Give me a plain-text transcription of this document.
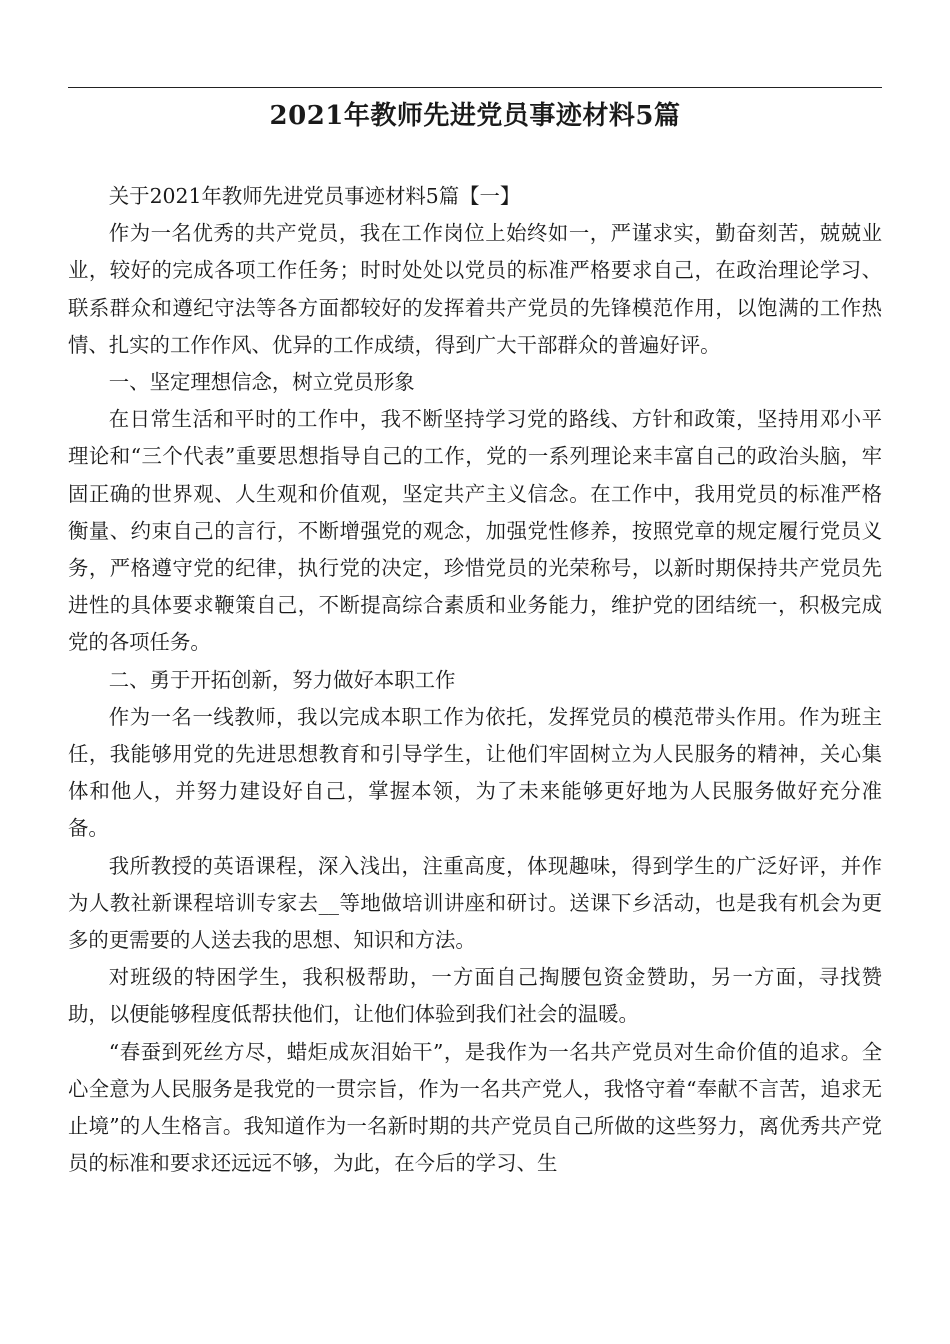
2021年教师先进党员事迹材料5篇

关于2021年教师先进党员事迹材料5篇【一】

作为一名优秀的共产党员，我在工作岗位上始终如一，严谨求实，勤奋刻苦，兢兢业业，较好的完成各项工作任务；时时处处以党员的标准严格要求自己，在政治理论学习、联系群众和遵纪守法等各方面都较好的发挥着共产党员的先锋模范作用，以饱满的工作热情、扎实的工作作风、优异的工作成绩，得到广大干部群众的普遍好评。

一、坚定理想信念，树立党员形象

在日常生活和平时的工作中，我不断坚持学习党的路线、方针和政策，坚持用邓小平理论和“三个代表”重要思想指导自己的工作，党的一系列理论来丰富自己的政治头脑，牢固正确的世界观、人生观和价值观，坚定共产主义信念。在工作中，我用党员的标准严格衡量、约束自己的言行，不断增强党的观念，加强党性修养，按照党章的规定履行党员义务，严格遵守党的纪律，执行党的决定，珍惜党员的光荣称号，以新时期保持共产党员先进性的具体要求鞭策自己，不断提高综合素质和业务能力，维护党的团结统一，积极完成党的各项任务。

二、勇于开拓创新，努力做好本职工作

作为一名一线教师，我以完成本职工作为依托，发挥党员的模范带头作用。作为班主任，我能够用党的先进思想教育和引导学生，让他们牢固树立为人民服务的精神，关心集体和他人，并努力建设好自己，掌握本领，为了未来能够更好地为人民服务做好充分准备。

我所教授的英语课程，深入浅出，注重高度，体现趣味，得到学生的广泛好评，并作为人教社新课程培训专家去__等地做培训讲座和研讨。送课下乡活动，也是我有机会为更多的更需要的人送去我的思想、知识和方法。

对班级的特困学生，我积极帮助，一方面自己掏腰包资金赞助，另一方面，寻找赞助，以便能够程度低帮扶他们，让他们体验到我们社会的温暖。

“春蚕到死丝方尽，蜡炬成灰泪始干”，是我作为一名共产党员对生命价值的追求。全心全意为人民服务是我党的一贯宗旨，作为一名共产党人，我恪守着“奉献不言苦，追求无止境”的人生格言。我知道作为一名新时期的共产党员自己所做的这些努力，离优秀共产党员的标准和要求还远远不够，为此，在今后的学习、生
